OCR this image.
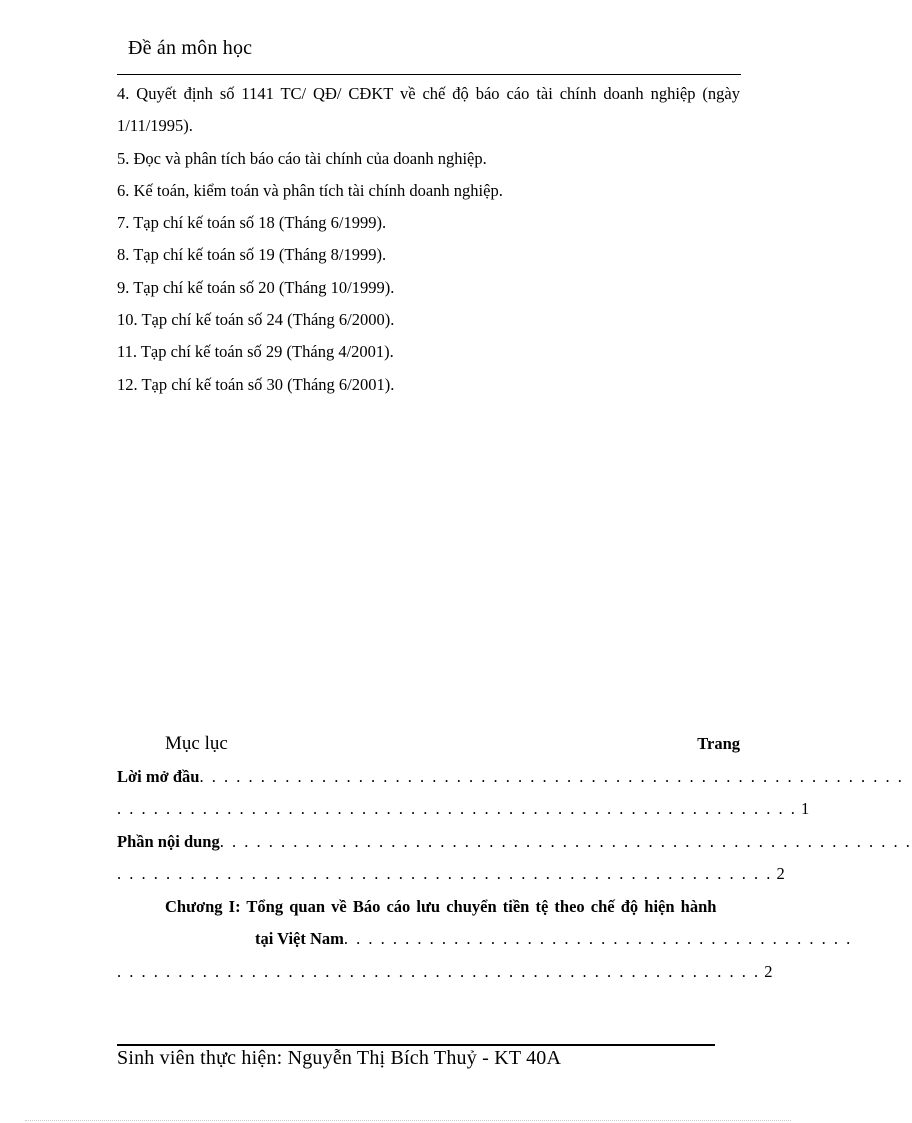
Đề án môn học
4. Quyết định số 1141 TC/ QĐ/ CĐKT về chế độ báo cáo tài chính doanh nghiệp (ngày 1/11/1995).
5. Đọc và phân tích báo cáo tài chính của doanh nghiệp.
6. Kế toán, kiểm toán và phân tích tài chính doanh nghiệp.
7. Tạp chí kế toán số 18 (Tháng 6/1999).
8. Tạp chí kế toán số 19 (Tháng 8/1999).
9. Tạp chí kế toán số 20 (Tháng 10/1999).
10. Tạp chí kế toán số 24 (Tháng 6/2000).
11. Tạp chí kế toán số 29 (Tháng 4/2001).
12. Tạp chí kế toán số 30 (Tháng 6/2001).
Mục lục	Trang
Lời mở đầu. . . . . . . . . . . . . . . . . . . . . . . . . . . . . . . . . . . . . . . . . . . . . . . . . . . . . . . . . .
. . . . . . . . . . . . . . . . . . . . . . . . . . . . . . . . . . . . . . . . . . . . . . . . . . . . . . . . 1
Phần nội dung. . . . . . . . . . . . . . . . . . . . . . . . . . . . . . . . . . . . . . . . . . . . . . . . . . . . . . . . .
. . . . . . . . . . . . . . . . . . . . . . . . . . . . . . . . . . . . . . . . . . . . . . . . . . . . . . 2
Chương I: Tổng quan về Báo cáo lưu chuyển tiền tệ theo chế độ hiện hành
tại Việt Nam. . . . . . . . . . . . . . . . . . . . . . . . . . . . . . . . . . . . . . . . . .
. . . . . . . . . . . . . . . . . . . . . . . . . . . . . . . . . . . . . . . . . . . . . . . . . . . . . 2
Sinh viên thực hiện: Nguyễn Thị Bích Thuỷ - KT 40A
